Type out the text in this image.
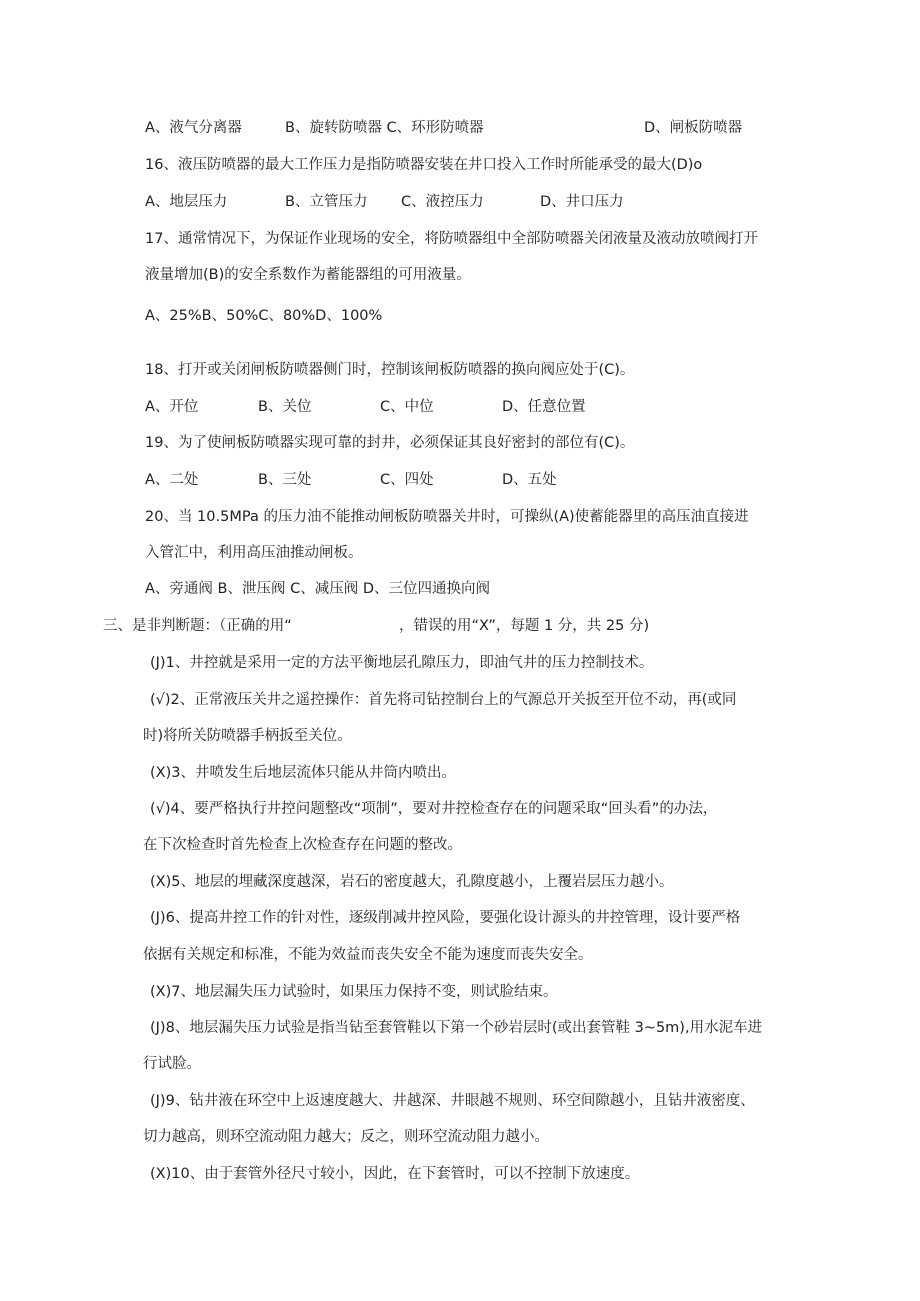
A、液气分离器	B、旋转防喷器 C、环形防喷器	D、闸板防喷器
16、液压防喷器的最大工作压力是指防喷器安装在井口投入工作时所能承受的最大(D)o
A、地层压力	B、立管压力 C、液控压力	D、井口压力
17、通常情况下，为保证作业现场的安全，将防喷器组中全部防喷器关闭液量及液动放喷阀打开
液量增加(B)的安全系数作为蓄能器组的可用液量。
A、25%B、50%C、80%D、100%
18、打开或关闭闸板防喷器侧门时，控制该闸板防喷器的换向阀应处于(C)。
A、开位	B、关位	C、中位	D、任意位置
19、为了使闸板防喷器实现可靠的封井，必须保证其良好密封的部位有(C)。
A、二处	B、三处	C、四处	D、五处
20、当 10.5MPa 的压力油不能推动闸板防喷器关井时，可操纵(A)使蓄能器里的高压油直接进
入管汇中，利用高压油推动闸板。
A、旁通阀 B、泄压阀 C、减压阀 D、三位四通换向阀
三、是非判断题：（正确的用“	，错误的用“X”，每题 1 分，共 25 分)
(J)1、井控就是采用一定的方法平衡地层孔隙压力，即油气井的压力控制技术。
(√)2、正常液压关井之遥控操作：首先将司钻控制台上的气源总开关扳至开位不动，再(或同
时)将所关防喷器手柄扳至关位。
(X)3、井喷发生后地层流体只能从井筒内喷出。
(√)4、要严格执行井控问题整改“项制”，要对井控检查存在的问题采取“回头看”的办法，
在下次检查时首先检查上次检查存在问题的整改。
(X)5、地层的埋藏深度越深，岩石的密度越大，孔隙度越小，上覆岩层压力越小。
(J)6、提高井控工作的针对性，逐级削减井控风险，要强化设计源头的井控管理，设计要严格
依据有关规定和标准，不能为效益而丧失安全不能为速度而丧失安全。
(X)7、地层漏失压力试验时，如果压力保持不变，则试脸结束。
(J)8、地层漏失压力试验是指当钻至套管鞋以下第一个砂岩层时(或出套管鞋 3~5m),用水泥车进
行试脸。
(J)9、钻井液在环空中上返速度越大、井越深、井眼越不规则、环空间隙越小，且钻井液密度、
切力越高，则环空流动阻力越大；反之，则环空流动阻力越小。
(X)10、由于套管外径尺寸较小，因此，在下套管时，可以不控制下放速度。
